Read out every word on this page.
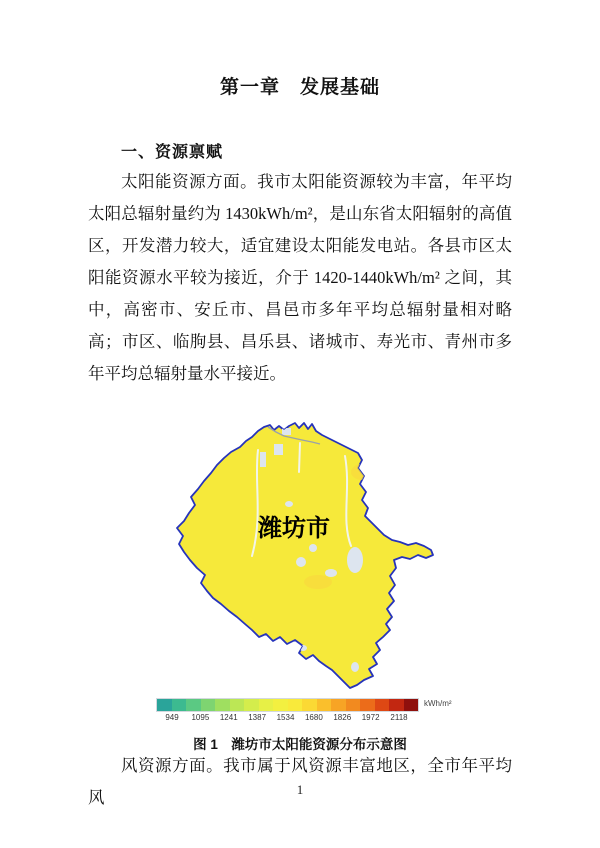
第一章　发展基础
一、资源禀赋

太阳能资源方面。我市太阳能资源较为丰富，年平均太阳总辐射量约为 1430kWh/m²，是山东省太阳辐射的高值区，开发潜力较大，适宜建设太阳能发电站。各县市区太阳能资源水平较为接近，介于 1420-1440kWh/m² 之间，其中，高密市、安丘市、昌邑市多年平均总辐射量相对略高；市区、临朐县、昌乐县、诸城市、寿光市、青州市多年平均总辐射量水平接近。

潍坊市
kWh/m²
949 1095 1241 1387 1534 1680 1826 1972 2118

图 1　潍坊市太阳能资源分布示意图

风资源方面。我市属于风资源丰富地区，全市年平均风	1
